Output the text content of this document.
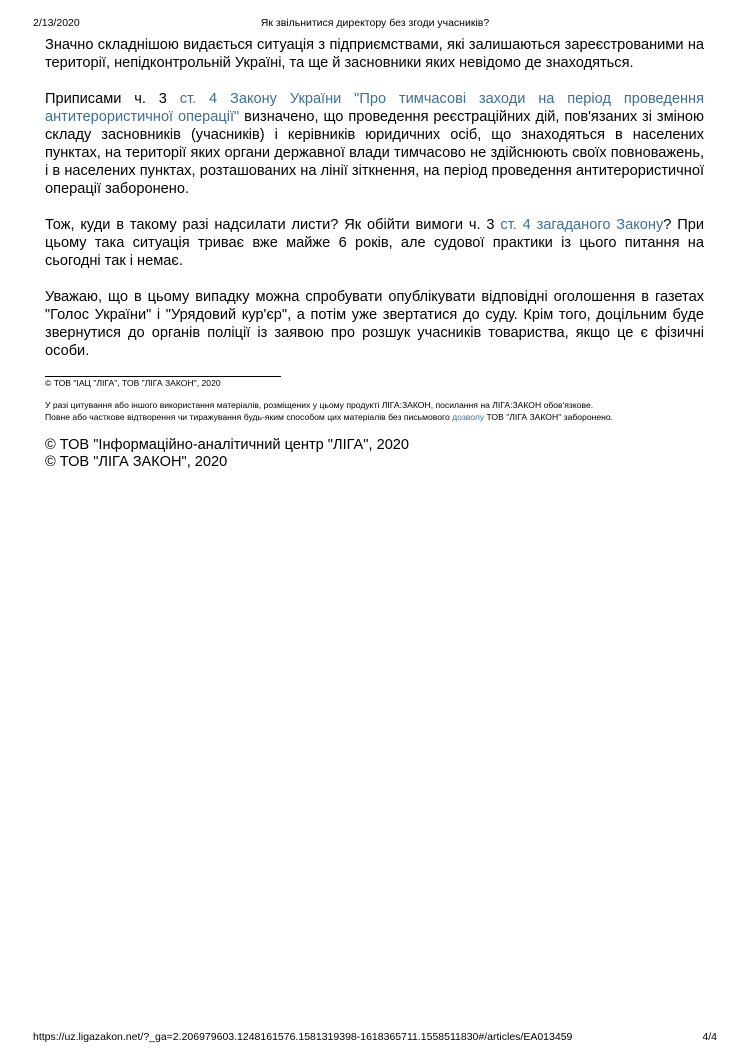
2/13/2020	Як звільнитися директору без згоди учасників?

Значно складнішою видається ситуація з підприємствами, які залишаються зареєстрованими на території, непідконтрольній Україні, та ще й засновники яких невідомо де знаходяться.

Приписами ч. 3 ст. 4 Закону України "Про тимчасові заходи на період проведення антитерористичної операції" визначено, що проведення реєстраційних дій, пов'язаних зі зміною складу засновників (учасників) і керівників юридичних осіб, що знаходяться в населених пунктах, на території яких органи державної влади тимчасово не здійснюють своїх повноважень, і в населених пунктах, розташованих на лінії зіткнення, на період проведення антитерористичної операції заборонено.

Тож, куди в такому разі надсилати листи? Як обійти вимоги ч. 3 ст. 4 загаданого Закону? При цьому така ситуація триває вже майже 6 років, але судової практики із цього питання на сьогодні так і немає.

Уважаю, що в цьому випадку можна спробувати опублікувати відповідні оголошення в газетах "Голос України" і "Урядовий кур'єр", а потім уже звертатися до суду. Крім того, доцільним буде звернутися до органів поліції із заявою про розшук учасників товариства, якщо це є фізичні особи.

© ТОВ "ІАЦ "ЛІГА", ТОВ "ЛІГА ЗАКОН", 2020
У разі цитування або іншого використання матеріалів, розміщених у цьому продукті ЛІГА:ЗАКОН, посилання на ЛІГА:ЗАКОН обов'язкове.
Повне або часткове відтворення чи тиражування будь-яким способом цих матеріалів без письмового дозволу ТОВ "ЛІГА ЗАКОН" заборонено.
© ТОВ "Інформаційно-аналітичний центр "ЛІГА", 2020
© ТОВ "ЛІГА ЗАКОН", 2020
https://uz.ligazakon.net/?_ga=2.206979603.1248161576.1581319398-1618365711.1558511830#/articles/EA013459	4/4
